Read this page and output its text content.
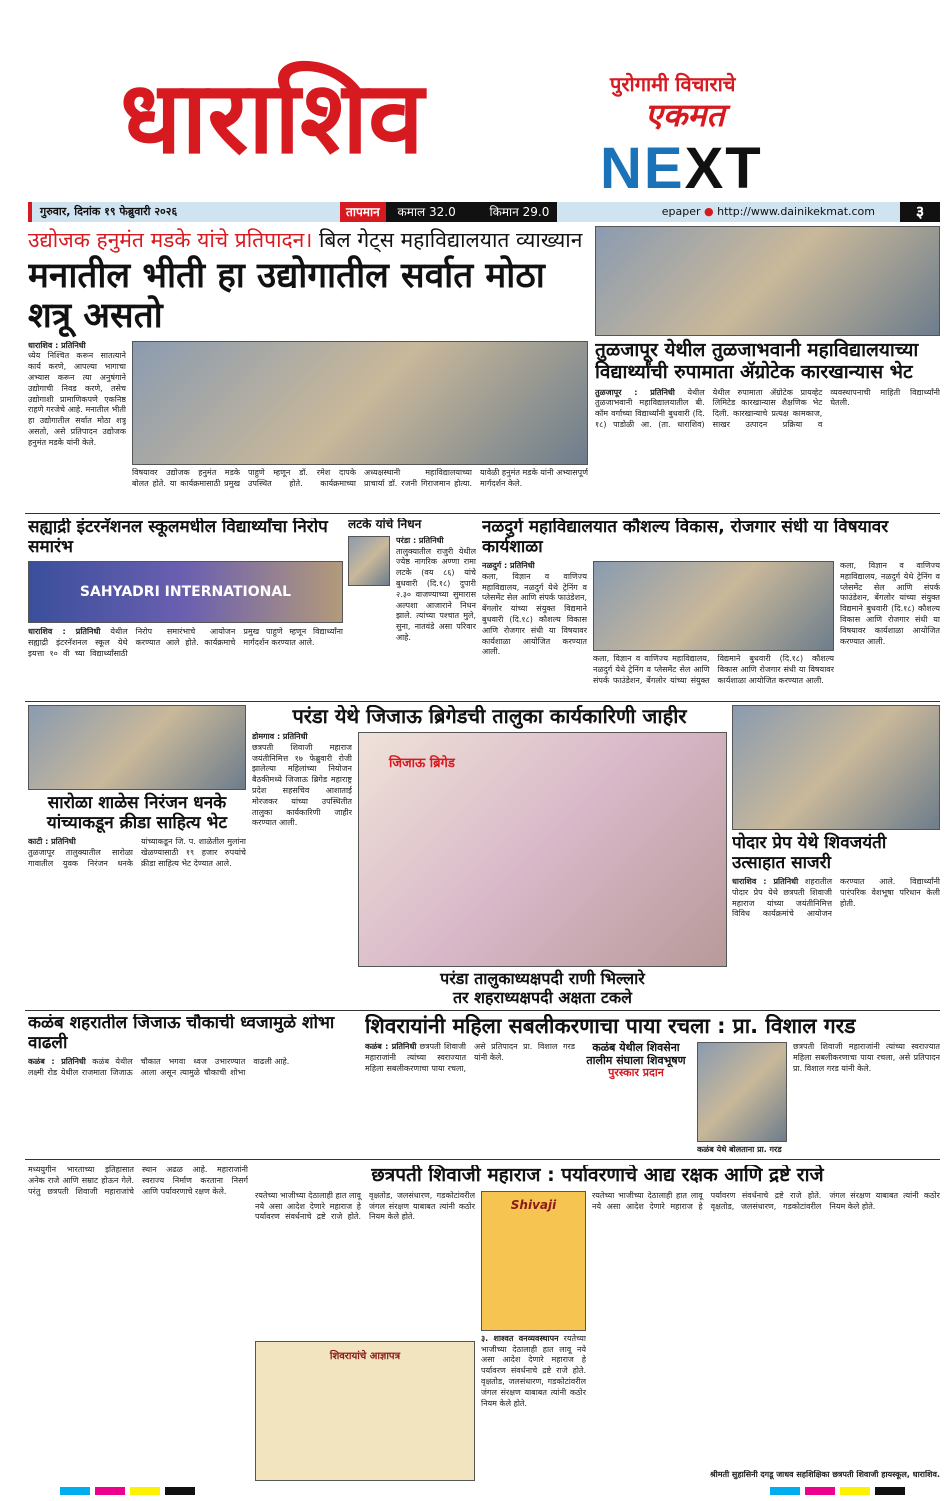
धाराशिव	पुरोगामी विचाराचे
एकमत
NEXT
गुरुवार, दिनांक १९ फेब्रुवारी २०२६	तापमान कमाल 32.0	किमान 29.0	epaper ● http://www.dainikekmat.com	३
उद्योजक हनुमंत मडके यांचे प्रतिपादन। बिल गेट्स महाविद्यालयात व्याख्यान
मनातील भीती हा उद्योगातील सर्वात मोठा शत्रू असतो
धाराशिव : प्रतिनिधी
ध्येय निश्चित करून सातत्याने कार्य करणे, आपल्या भागाचा अभ्यास करून त्या अनुषंगाने उद्योगाची निवड करणे, तसेच उद्योगाशी प्रामाणिकपणे एकनिष्ठ राहणे गरजेचे आहे. मनातील भीती हा उद्योगातील सर्वात मोठा शत्रू असतो, असे प्रतिपादन उद्योजक हनुमंत मडके यांनी केले.
विषयावर उद्योजक हनुमंत मडके बोलत होते. या कार्यक्रमासाठी प्रमुख पाहुणे म्हणून डॉ. रमेश दापके उपस्थित होते. कार्यक्रमाच्या अध्यक्षस्थानी महाविद्यालयाच्या प्राचार्या डॉ. रजनी गिराजमान होत्या. यावेळी हनुमंत मडके यांनी अभ्यासपूर्ण मार्गदर्शन केले.
तुळजापूर येथील तुळजाभवानी महाविद्यालयाच्या विद्यार्थ्यांची रुपामाता ॲग्रोटेक कारखान्यास भेट
तुळजापूर : प्रतिनिधी येथील तुळजाभवानी महाविद्यालयातील बी. कॉम वर्गाच्या विद्यार्थ्यांनी बुधवारी (दि. १८) पाडोळी आ. (ता. धाराशिव) येथील रुपामाता ॲग्रोटेक प्रायव्हेट लिमिटेड कारखान्यास शैक्षणिक भेट दिली. कारखान्याचे प्रत्यक्ष कामकाज, साखर उत्पादन प्रक्रिया व व्यवस्थापनाची माहिती विद्यार्थ्यांनी घेतली.
सह्याद्री इंटरनॅशनल स्कूलमधील विद्यार्थ्यांचा निरोप समारंभ
SAHYADRI INTERNATIONAL
धाराशिव : प्रतिनिधी येथील सह्याद्री इंटरनॅशनल स्कूल येथे इयत्ता १० वी च्या विद्यार्थ्यांसाठी निरोप समारंभाचे आयोजन करण्यात आले होते. कार्यक्रमाचे प्रमुख पाहुणे म्हणून विद्यार्थ्यांना मार्गदर्शन करण्यात आले.
लटके यांचे निधन
परंडा : प्रतिनिधी
तालुक्यातील राजुरी येथील ज्येष्ठ नागरिक अण्णा रामा लटके (वय ८६) यांचे बुधवारी (दि.१८) दुपारी २.३० वाजण्याच्या सुमारास अल्पशा आजाराने निधन झाले. त्यांच्या पश्चात मुले, सुना, नातवंडे असा परिवार आहे.
नळदुर्ग महाविद्यालयात कौशल्य विकास, रोजगार संधी या विषयावर कार्यशाळा
नळदुर्ग : प्रतिनिधी
कला, विज्ञान व वाणिज्य महाविद्यालय, नळदुर्ग येथे ट्रेनिंग व प्लेसमेंट सेल आणि संपर्क फाउंडेशन, बेंगलोर यांच्या संयुक्त विद्यमाने बुधवारी (दि.१८) कौशल्य विकास आणि रोजगार संधी या विषयावर कार्यशाळा आयोजित करण्यात आली.
कला, विज्ञान व वाणिज्य महाविद्यालय, नळदुर्ग येथे ट्रेनिंग व प्लेसमेंट सेल आणि संपर्क फाउंडेशन, बेंगलोर यांच्या संयुक्त विद्यमाने बुधवारी (दि.१८) कौशल्य विकास आणि रोजगार संधी या विषयावर कार्यशाळा आयोजित करण्यात आली.
कला, विज्ञान व वाणिज्य महाविद्यालय, नळदुर्ग येथे ट्रेनिंग व प्लेसमेंट सेल आणि संपर्क फाउंडेशन, बेंगलोर यांच्या संयुक्त विद्यमाने बुधवारी (दि.१८) कौशल्य विकास आणि रोजगार संधी या विषयावर कार्यशाळा आयोजित करण्यात आली.
सारोळा शाळेस निरंजन धनके यांच्याकडून क्रीडा साहित्य भेट
काटी : प्रतिनिधी
तुळजापूर तालुक्यातील सारोळा गावातील युवक निरंजन धनके यांच्याकडून जि. प. शाळेतील मुलांना खेळण्यासाठी १९ हजार रुपयांचे क्रीडा साहित्य भेट देण्यात आले.
परंडा येथे जिजाऊ ब्रिगेडची तालुका कार्यकारिणी जाहीर
डोमगाव : प्रतिनिधी
छत्रपती शिवाजी महाराज जयंतीनिमित्त १७ फेब्रुवारी रोजी झालेल्या महिलांच्या नियोजन बैठकीमध्ये जिजाऊ ब्रिगेड महाराष्ट्र प्रदेश सहसचिव आशाताई मोरजकर यांच्या उपस्थितीत तालुका कार्यकारिणी जाहीर करण्यात आली.
जिजाऊ ब्रिगेड
परंडा तालुकाध्यक्षपदी राणी भिल्लारे
तर शहराध्यक्षपदी अक्षता टकले
पोदार प्रेप येथे शिवजयंती उत्साहात साजरी
धाराशिव : प्रतिनिधी शहरातील पोदार प्रेप येथे छत्रपती शिवाजी महाराज यांच्या जयंतीनिमित्त विविध कार्यक्रमांचे आयोजन करण्यात आले. विद्यार्थ्यांनी पारंपरिक वेशभूषा परिधान केली होती.
कळंब शहरातील जिजाऊ चौकाची ध्वजामुळे शोभा वाढली
कळंब : प्रतिनिधी कळंब येथील लक्ष्मी रोड येथील राजमाता जिजाऊ चौकात भगवा ध्वज उभारण्यात आला असून त्यामुळे चौकाची शोभा वाढली आहे.
शिवरायांनी महिला सबलीकरणाचा पाया रचला : प्रा. विशाल गरड
कळंब : प्रतिनिधी छत्रपती शिवाजी महाराजांनी त्यांच्या स्वराज्यात महिला सबलीकरणाचा पाया रचला, असे प्रतिपादन प्रा. विशाल गरड यांनी केले.
कळंब येथील शिवसेना
तालीम संघाला शिवभूषण
पुरस्कार प्रदान
कळंब येथे बोलताना प्रा. गरड
छत्रपती शिवाजी महाराजांनी त्यांच्या स्वराज्यात महिला सबलीकरणाचा पाया रचला, असे प्रतिपादन प्रा. विशाल गरड यांनी केले.
मध्ययुगीन भारताच्या इतिहासात अनेक राजे आणि सम्राट होऊन गेले. परंतु छत्रपती शिवाजी महाराजांचे स्थान अढळ आहे. महाराजांनी स्वराज्य निर्माण करताना निसर्ग आणि पर्यावरणाचे रक्षण केले.
छत्रपती शिवाजी महाराज : पर्यावरणाचे आद्य रक्षक आणि द्रष्टे राजे
रयतेच्या भाजीच्या देठालाही हात लावू नये असा आदेश देणारे महाराज हे पर्यावरण संवर्धनाचे द्रष्टे राजे होते. वृक्षतोड, जलसंधारण, गडकोटांवरील जंगल संरक्षण याबाबत त्यांनी कठोर नियम केले होते.
शिवरायांचे आज्ञापत्र
Shivaji
३. शाश्वत वनव्यवस्थापन रयतेच्या भाजीच्या देठालाही हात लावू नये असा आदेश देणारे महाराज हे पर्यावरण संवर्धनाचे द्रष्टे राजे होते. वृक्षतोड, जलसंधारण, गडकोटांवरील जंगल संरक्षण याबाबत त्यांनी कठोर नियम केले होते.
रयतेच्या भाजीच्या देठालाही हात लावू नये असा आदेश देणारे महाराज हे पर्यावरण संवर्धनाचे द्रष्टे राजे होते. वृक्षतोड, जलसंधारण, गडकोटांवरील जंगल संरक्षण याबाबत त्यांनी कठोर नियम केले होते.
श्रीमती सुहासिनी दगडू जाधव सहशिक्षिका छत्रपती शिवाजी हायस्कूल, धाराशिव.
